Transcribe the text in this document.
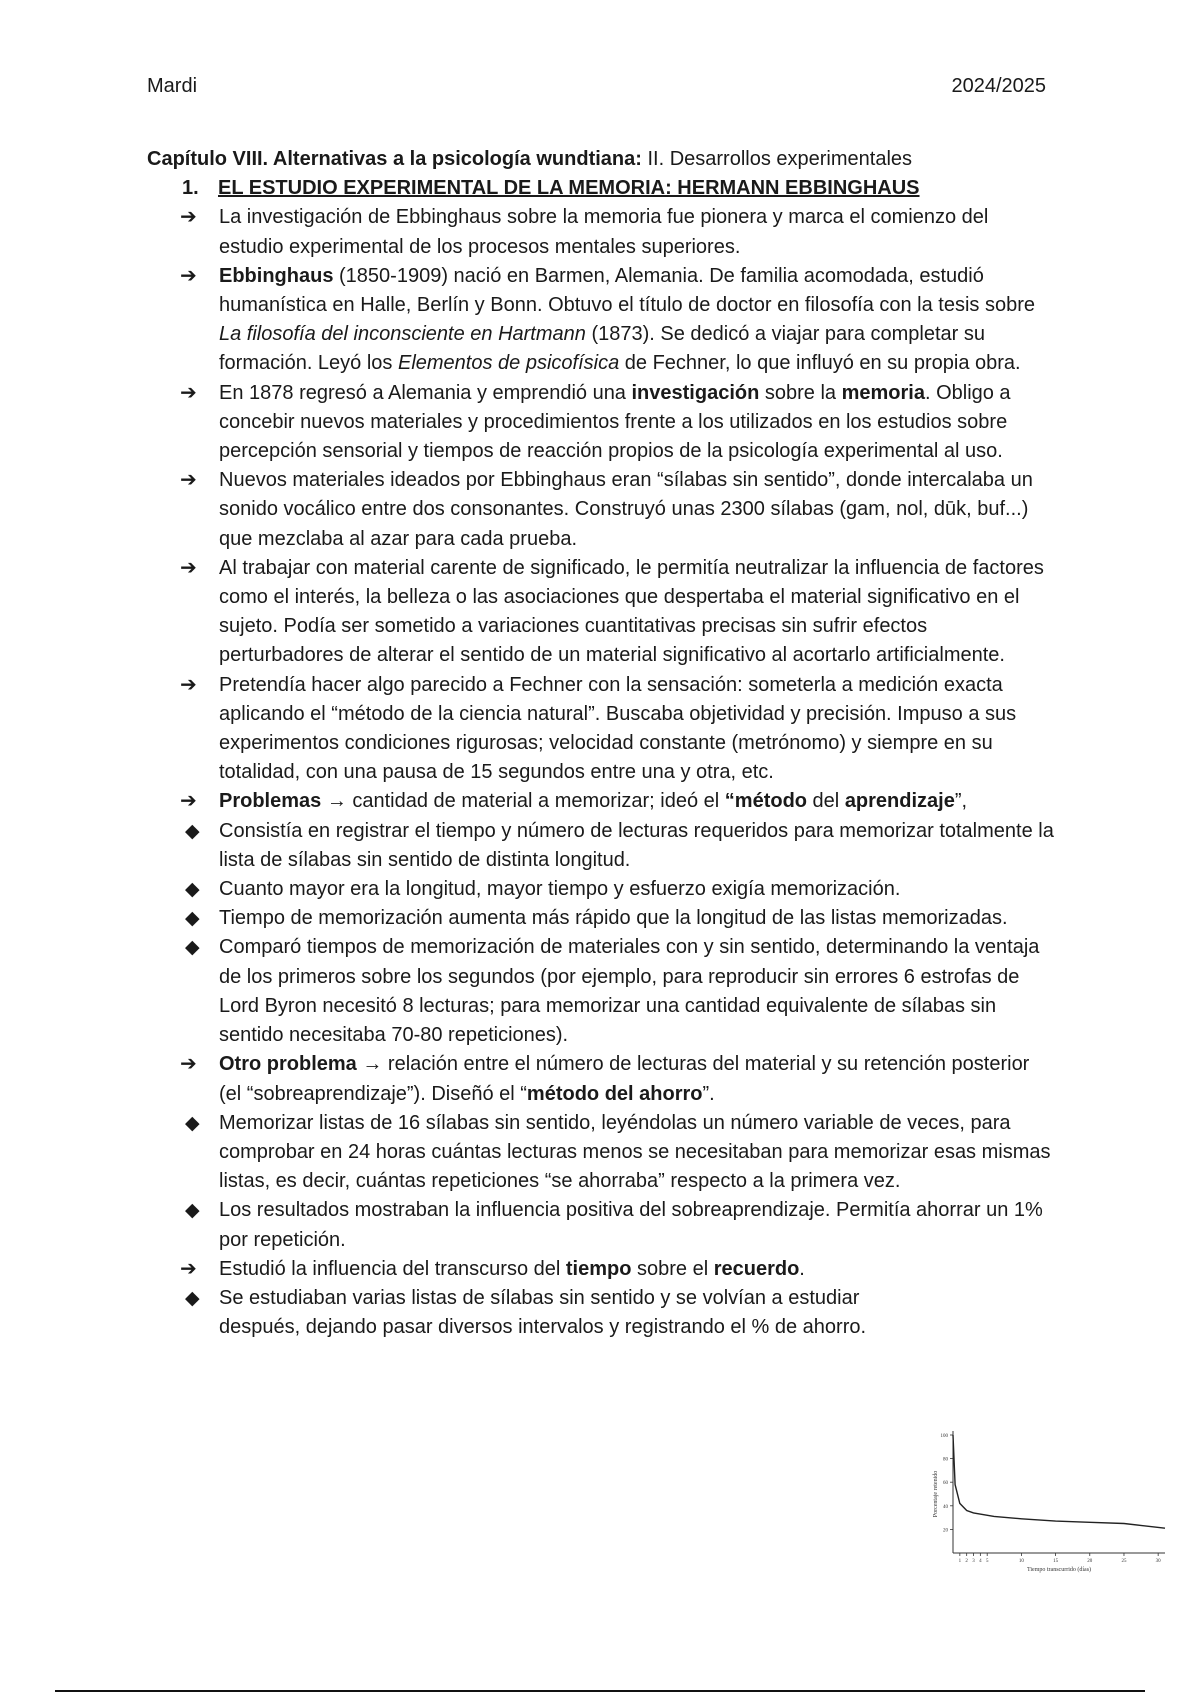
Mardi	2024/2025

Capítulo VIII. Alternativas a la psicología wundtiana: II. Desarrollos experimentales

1. EL ESTUDIO EXPERIMENTAL DE LA MEMORIA: HERMANN EBBINGHAUS
➔ La investigación de Ebbinghaus sobre la memoria fue pionera y marca el comienzo del estudio experimental de los procesos mentales superiores.
➔ Ebbinghaus (1850-1909) nació en Barmen, Alemania. De familia acomodada, estudió humanística en Halle, Berlín y Bonn. Obtuvo el título de doctor en filosofía con la tesis sobre La filosofía del inconsciente en Hartmann (1873). Se dedicó a viajar para completar su formación. Leyó los Elementos de psicofísica de Fechner, lo que influyó en su propia obra.
➔ En 1878 regresó a Alemania y emprendió una investigación sobre la memoria. Obligo a concebir nuevos materiales y procedimientos frente a los utilizados en los estudios sobre percepción sensorial y tiempos de reacción propios de la psicología experimental al uso.
➔ Nuevos materiales ideados por Ebbinghaus eran “sílabas sin sentido”, donde intercalaba un sonido vocálico entre dos consonantes. Construyó unas 2300 sílabas (gam, nol, dūk, buf...) que mezclaba al azar para cada prueba.
➔ Al trabajar con material carente de significado, le permitía neutralizar la influencia de factores como el interés, la belleza o las asociaciones que despertaba el material significativo en el sujeto. Podía ser sometido a variaciones cuantitativas precisas sin sufrir efectos perturbadores de alterar el sentido de un material significativo al acortarlo artificialmente.
➔ Pretendía hacer algo parecido a Fechner con la sensación: someterla a medición exacta aplicando el “método de la ciencia natural”. Buscaba objetividad y precisión. Impuso a sus experimentos condiciones rigurosas; velocidad constante (metrónomo) y siempre en su totalidad, con una pausa de 15 segundos entre una y otra, etc.
➔ Problemas → cantidad de material a memorizar; ideó el “método del aprendizaje”,
◆ Consistía en registrar el tiempo y número de lecturas requeridos para memorizar totalmente la lista de sílabas sin sentido de distinta longitud.
◆ Cuanto mayor era la longitud, mayor tiempo y esfuerzo exigía memorización.
◆ Tiempo de memorización aumenta más rápido que la longitud de las listas memorizadas.
◆ Comparó tiempos de memorización de materiales con y sin sentido, determinando la ventaja de los primeros sobre los segundos (por ejemplo, para reproducir sin errores 6 estrofas de Lord Byron necesitó 8 lecturas; para memorizar una cantidad equivalente de sílabas sin sentido necesitaba 70-80 repeticiones).
➔ Otro problema → relación entre el número de lecturas del material y su retención posterior (el “sobreaprendizaje”). Diseñó el “método del ahorro”.
◆ Memorizar listas de 16 sílabas sin sentido, leyéndolas un número variable de veces, para comprobar en 24 horas cuántas lecturas menos se necesitaban para memorizar esas mismas listas, es decir, cuántas repeticiones “se ahorraba” respecto a la primera vez.
◆ Los resultados mostraban la influencia positiva del sobreaprendizaje. Permitía ahorrar un 1% por repetición.
➔ Estudió la influencia del transcurso del tiempo sobre el recuerdo.
◆ Se estudiaban varias listas de sílabas sin sentido y se volvían a estudiar después, dejando pasar diversos intervalos y registrando el % de ahorro.
20
40
60
80
100
1 2 3 4 5	10	15	20	25	30
Porcentaje retenido
Tiempo transcurrido (días)
